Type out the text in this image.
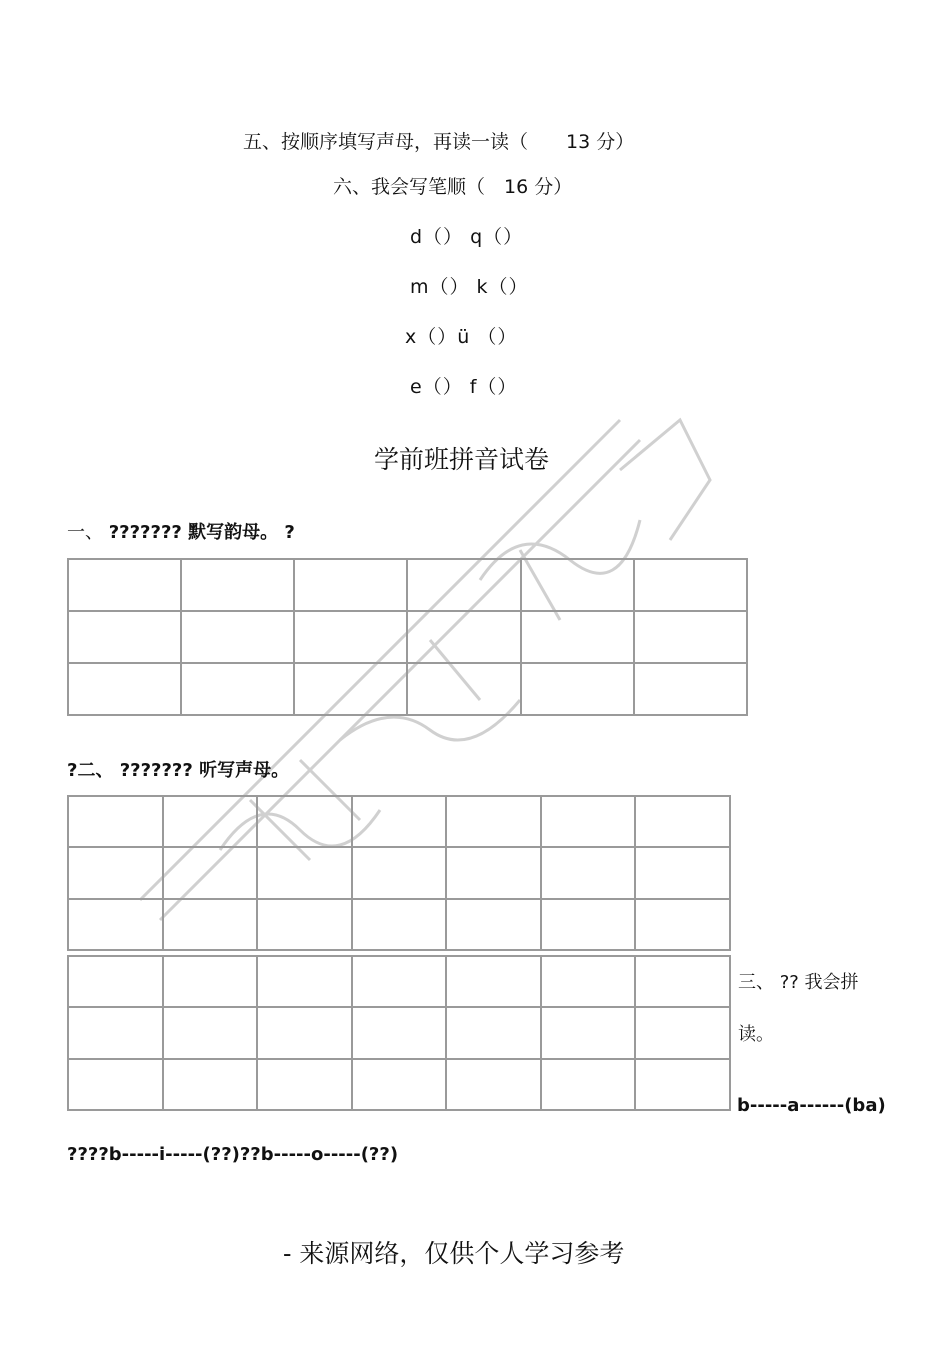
五、按顺序填写声母，再读一读（　　13 分）
六、我会写笔顺（　16 分）
d（） q（）
m（） k（）
x（）ü （）
e（） f（）
学前班拼音试卷
一、 ??????? 默写韵母。 ?

?二、 ??????? 听写声母。

三、 ?? 我会拼
读。
b-----a------(ba)
????b-----i-----(??)??b-----o-----(??)
- 来源网络，仅供个人学习参考
